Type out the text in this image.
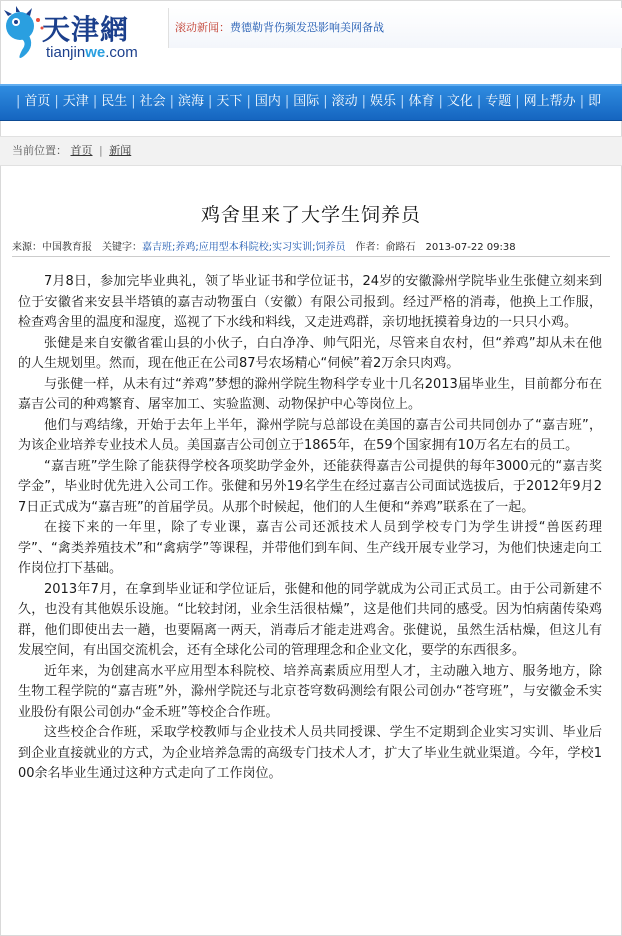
天津網
tianjinwe.com
滚动新闻：费德勒背伤频发恐影响美网备战
| 首页 | 天津 | 民生 | 社会 | 滨海 | 天下 | 国内 | 国际 | 滚动 | 娱乐 | 体育 | 文化 | 专题 | 网上帮办 | 即
当前位置： 首页 | 新闻
鸡舍里来了大学生饲养员
来源：中国教育报 关键字：嘉吉班;养鸡;应用型本科院校;实习实训;饲养员 作者：俞路石 2013-07-22 09:38

7月8日，参加完毕业典礼，领了毕业证书和学位证书，24岁的安徽滁州学院毕业生张健立刻来到位于安徽省来安县半塔镇的嘉吉动物蛋白（安徽）有限公司报到。经过严格的消毒，他换上工作服，检查鸡舍里的温度和湿度，巡视了下水线和料线，又走进鸡群，亲切地抚摸着身边的一只只小鸡。

张健是来自安徽省霍山县的小伙子，白白净净、帅气阳光，尽管来自农村，但“养鸡”却从未在他的人生规划里。然而，现在他正在公司87号农场精心“伺候”着2万余只肉鸡。

与张健一样，从未有过“养鸡”梦想的滁州学院生物科学专业十几名2013届毕业生，目前都分布在嘉吉公司的种鸡繁育、屠宰加工、实验监测、动物保护中心等岗位上。

他们与鸡结缘，开始于去年上半年，滁州学院与总部设在美国的嘉吉公司共同创办了“嘉吉班”，为该企业培养专业技术人员。美国嘉吉公司创立于1865年，在59个国家拥有10万名左右的员工。

“嘉吉班”学生除了能获得学校各项奖助学金外，还能获得嘉吉公司提供的每年3000元的“嘉吉奖学金”，毕业时优先进入公司工作。张健和另外19名学生在经过嘉吉公司面试选拔后，于2012年9月27日正式成为“嘉吉班”的首届学员。从那个时候起，他们的人生便和“养鸡”联系在了一起。

在接下来的一年里，除了专业课，嘉吉公司还派技术人员到学校专门为学生讲授“兽医药理学”、“禽类养殖技术”和“禽病学”等课程，并带他们到车间、生产线开展专业学习，为他们快速走向工作岗位打下基础。

2013年7月，在拿到毕业证和学位证后，张健和他的同学就成为公司正式员工。由于公司新建不久，也没有其他娱乐设施。“比较封闭，业余生活很枯燥”，这是他们共同的感受。因为怕病菌传染鸡群，他们即使出去一趟，也要隔离一两天，消毒后才能走进鸡舍。张健说，虽然生活枯燥，但这儿有发展空间，有出国交流机会，还有全球化公司的管理理念和企业文化，要学的东西很多。

近年来，为创建高水平应用型本科院校、培养高素质应用型人才，主动融入地方、服务地方，除生物工程学院的“嘉吉班”外，滁州学院还与北京苍穹数码测绘有限公司创办“苍穹班”，与安徽金禾实业股份有限公司创办“金禾班”等校企合作班。

这些校企合作班，采取学校教师与企业技术人员共同授课、学生不定期到企业实习实训、毕业后到企业直接就业的方式，为企业培养急需的高级专门技术人才，扩大了毕业生就业渠道。今年，学校100余名毕业生通过这种方式走向了工作岗位。
